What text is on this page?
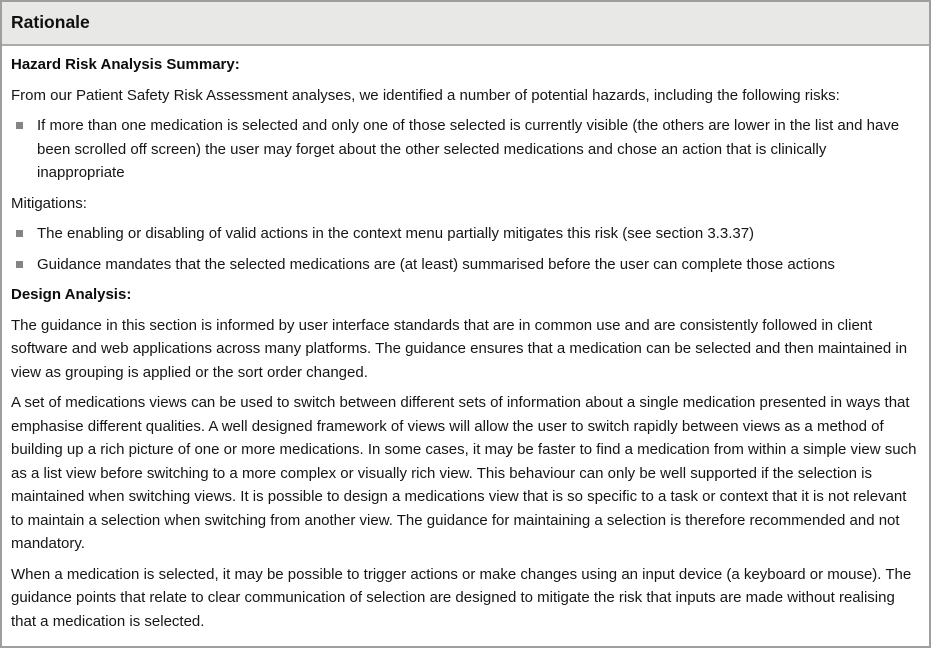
Rationale
Hazard Risk Analysis Summary:
From our Patient Safety Risk Assessment analyses, we identified a number of potential hazards, including the following risks:
If more than one medication is selected and only one of those selected is currently visible (the others are lower in the list and have been scrolled off screen) the user may forget about the other selected medications and chose an action that is clinically inappropriate
Mitigations:
The enabling or disabling of valid actions in the context menu partially mitigates this risk (see section 3.3.37)
Guidance mandates that the selected medications are (at least) summarised before the user can complete those actions
Design Analysis:
The guidance in this section is informed by user interface standards that are in common use and are consistently followed in client software and web applications across many platforms. The guidance ensures that a medication can be selected and then maintained in view as grouping is applied or the sort order changed.
A set of medications views can be used to switch between different sets of information about a single medication presented in ways that emphasise different qualities. A well designed framework of views will allow the user to switch rapidly between views as a method of building up a rich picture of one or more medications. In some cases, it may be faster to find a medication from within a simple view such as a list view before switching to a more complex or visually rich view. This behaviour can only be well supported if the selection is maintained when switching views. It is possible to design a medications view that is so specific to a task or context that it is not relevant to maintain a selection when switching from another view. The guidance for maintaining a selection is therefore recommended and not mandatory.
When a medication is selected, it may be possible to trigger actions or make changes using an input device (a keyboard or mouse). The guidance points that relate to clear communication of selection are designed to mitigate the risk that inputs are made without realising that a medication is selected.
